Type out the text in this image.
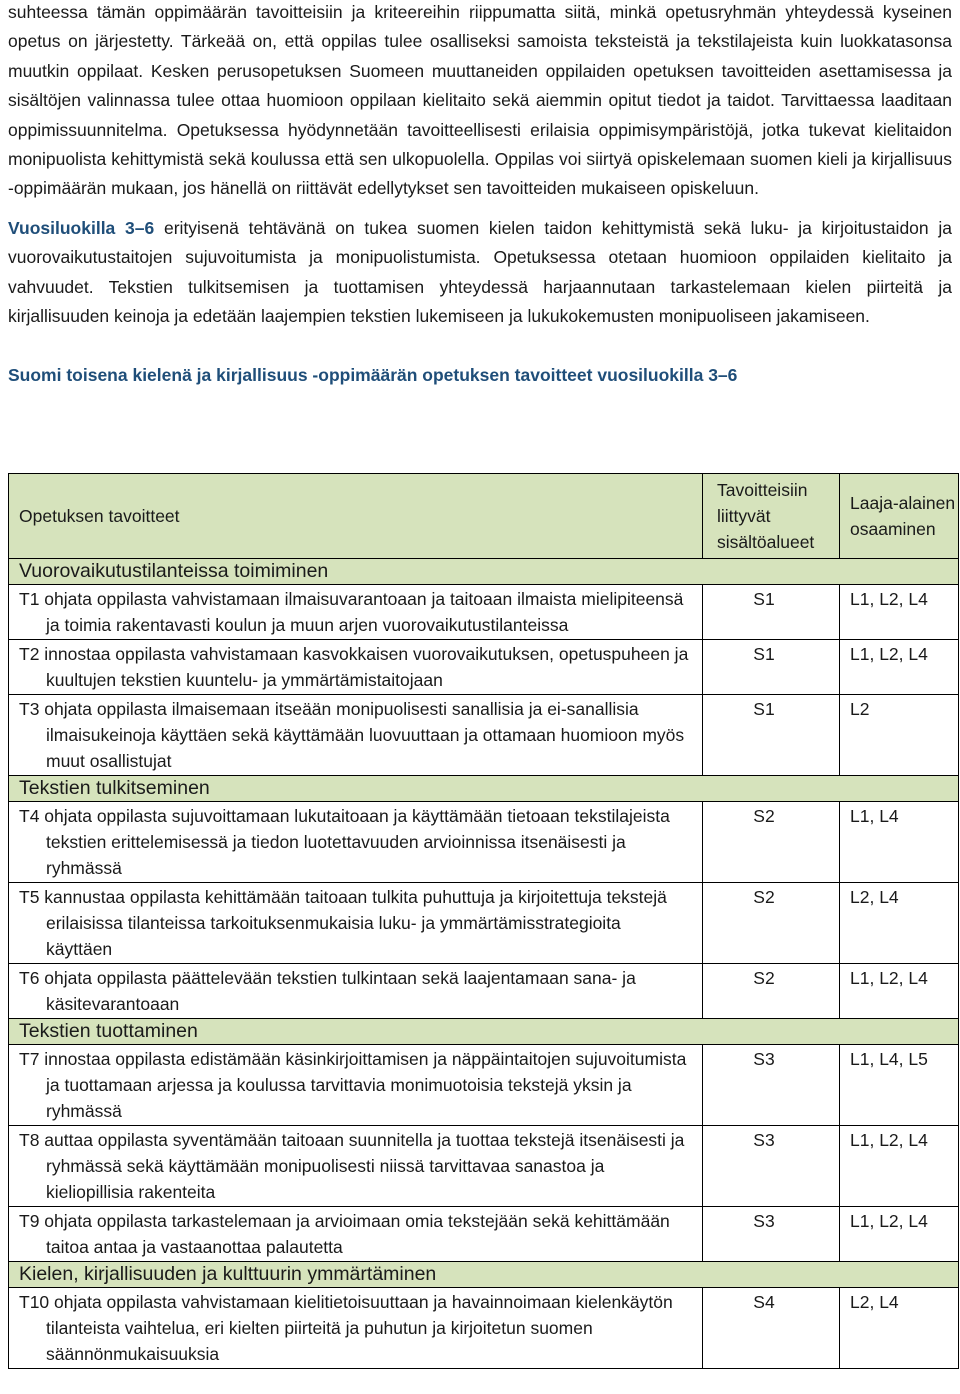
suhteessa tämän oppimäärän tavoitteisiin ja kriteereihin riippumatta siitä, minkä opetusryhmän yhteydessä kyseinen opetus on järjestetty. Tärkeää on, että oppilas tulee osalliseksi samoista teksteistä ja tekstilajeista kuin luokkatasonsa muutkin oppilaat. Kesken perusopetuksen Suomeen muuttaneiden oppilaiden opetuksen tavoitteiden asettamisessa ja sisältöjen valinnassa tulee ottaa huomioon oppilaan kielitaito sekä aiemmin opitut tiedot ja taidot. Tarvittaessa laaditaan oppimissuunnitelma. Opetuksessa hyödynnetään tavoitteellisesti erilaisia oppimisympäristöjä, jotka tukevat kielitaidon monipuolista kehittymistä sekä koulussa että sen ulkopuolella. Oppilas voi siirtyä opiskelemaan suomen kieli ja kirjallisuus -oppimäärän mukaan, jos hänellä on riittävät edellytykset sen tavoitteiden mukaiseen opiskeluun.

Vuosiluokilla 3–6 erityisenä tehtävänä on tukea suomen kielen taidon kehittymistä sekä luku- ja kirjoitustaidon ja vuorovaikutustaitojen sujuvoitumista ja monipuolistumista. Opetuksessa otetaan huomioon oppilaiden kielitaito ja vahvuudet. Tekstien tulkitsemisen ja tuottamisen yhteydessä harjaannutaan tarkastelemaan kielen piirteitä ja kirjallisuuden keinoja ja edetään laajempien tekstien lukemiseen ja lukukokemusten monipuoliseen jakamiseen.

Suomi toisena kielenä ja kirjallisuus -oppimäärän opetuksen tavoitteet vuosiluokilla 3–6

Opetuksen tavoitteet	Tavoitteisiin liittyvät sisältöalueet	Laaja-alainen osaaminen
Vuorovaikutustilanteissa toimiminen		
T1 ohjata oppilasta vahvistamaan ilmaisuvarantoaan ja taitoaan ilmaista mielipiteensä ja toimia rakentavasti koulun ja muun arjen vuorovaikutustilanteissa	S1	L1, L2, L4
T2 innostaa oppilasta vahvistamaan kasvokkaisen vuorovaikutuksen, opetuspuheen ja kuultujen tekstien kuuntelu- ja ymmärtämistaitojaan	S1	L1, L2, L4
T3 ohjata oppilasta ilmaisemaan itseään monipuolisesti sanallisia ja ei-sanallisia ilmaisukeinoja käyttäen sekä käyttämään luovuuttaan ja ottamaan huomioon myös muut osallistujat	S1	L2
Tekstien tulkitseminen		
T4 ohjata oppilasta sujuvoittamaan lukutaitoaan ja käyttämään tietoaan tekstilajeista tekstien erittelemisessä ja tiedon luotettavuuden arvioinnissa itsenäisesti ja ryhmässä	S2	L1, L4
T5 kannustaa oppilasta kehittämään taitoaan tulkita puhuttuja ja kirjoitettuja tekstejä erilaisissa tilanteissa tarkoituksenmukaisia luku- ja ymmärtämisstrategioita käyttäen	S2	L2, L4
T6 ohjata oppilasta päättelevään tekstien tulkintaan sekä laajentamaan sana- ja käsitevarantoaan	S2	L1, L2, L4
Tekstien tuottaminen		
T7 innostaa oppilasta edistämään käsinkirjoittamisen ja näppäintaitojen sujuvoitumista ja tuottamaan arjessa ja koulussa tarvittavia monimuotoisia tekstejä yksin ja ryhmässä	S3	L1, L4, L5
T8 auttaa oppilasta syventämään taitoaan suunnitella ja tuottaa tekstejä itsenäisesti ja ryhmässä sekä käyttämään monipuolisesti niissä tarvittavaa sanastoa ja kieliopillisia rakenteita	S3	L1, L2, L4
T9 ohjata oppilasta tarkastelemaan ja arvioimaan omia tekstejään sekä kehittämään taitoa antaa ja vastaanottaa palautetta	S3	L1, L2, L4
Kielen, kirjallisuuden ja kulttuurin ymmärtäminen		
T10 ohjata oppilasta vahvistamaan kielitietoisuuttaan ja havainnoimaan kielenkäytön tilanteista vaihtelua, eri kielten piirteitä ja puhutun ja kirjoitetun suomen säännönmukaisuuksia	S4	L2, L4
